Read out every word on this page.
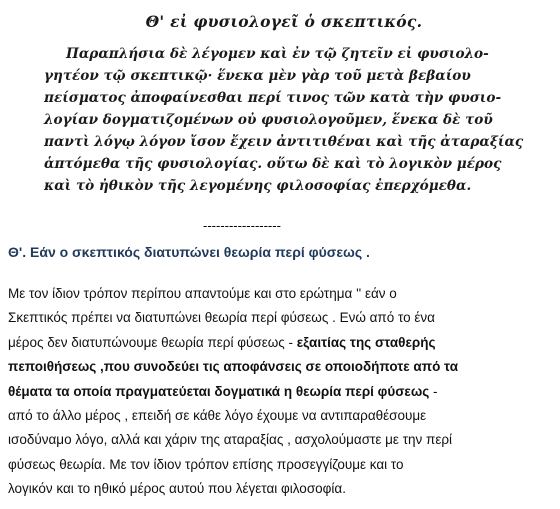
Θ' εἰ φυσιολογεῖ ὁ σκεπτικός.
Παραπλήσια δὲ λέγομεν καὶ ἐν τῷ ζητεῖν εἰ φυσιολο-
γητέον τῷ σκεπτικῷ· ἕνεκα μὲν γὰρ τοῦ μετὰ βεβαίου
πείσματος ἀποφαίνεσθαι περί τινος τῶν κατὰ τὴν φυσιο-
λογίαν δογματιζομένων οὐ φυσιολογοῦμεν, ἕνεκα δὲ τοῦ
παντὶ λόγῳ λόγον ἴσον ἔχειν ἀντιτιθέναι καὶ τῆς ἀταραξίας
ἁπτόμεθα τῆς φυσιολογίας. οὕτω δὲ καὶ τὸ λογικὸν μέρος
καὶ τὸ ἠθικὸν τῆς λεγομένης φιλοσοφίας ἐπερχόμεθα.
------------------
Θ'. Εάν ο σκεπτικός διατυπώνει θεωρία περί φύσεως .
Με τον ίδιον τρόπον περίπου απαντούμε και στο ερώτημα '' εάν ο
Σκεπτικός πρέπει να διατυπώνει θεωρία περί φύσεως . Ενώ από το ένα
μέρος δεν διατυπώνουμε θεωρία περί φύσεως - εξαιτίας της σταθερής
πεποιθήσεως ,που συνοδεύει τις αποφάνσεις σε οποιοδήποτε από τα
θέματα τα οποία πραγματεύεται δογματικά η θεωρία περί φύσεως -
από το άλλο μέρος , επειδή σε κάθε λόγο έχουμε να αντιπαραθέσουμε
ισοδύναμο λόγο, αλλά και χάριν της αταραξίας , ασχολούμαστε με την περί
φύσεως θεωρία. Με τον ίδιον τρόπον επίσης προσεγγίζουμε και το
λογικόν και το ηθικό μέρος αυτού που λέγεται φιλοσοφία.
